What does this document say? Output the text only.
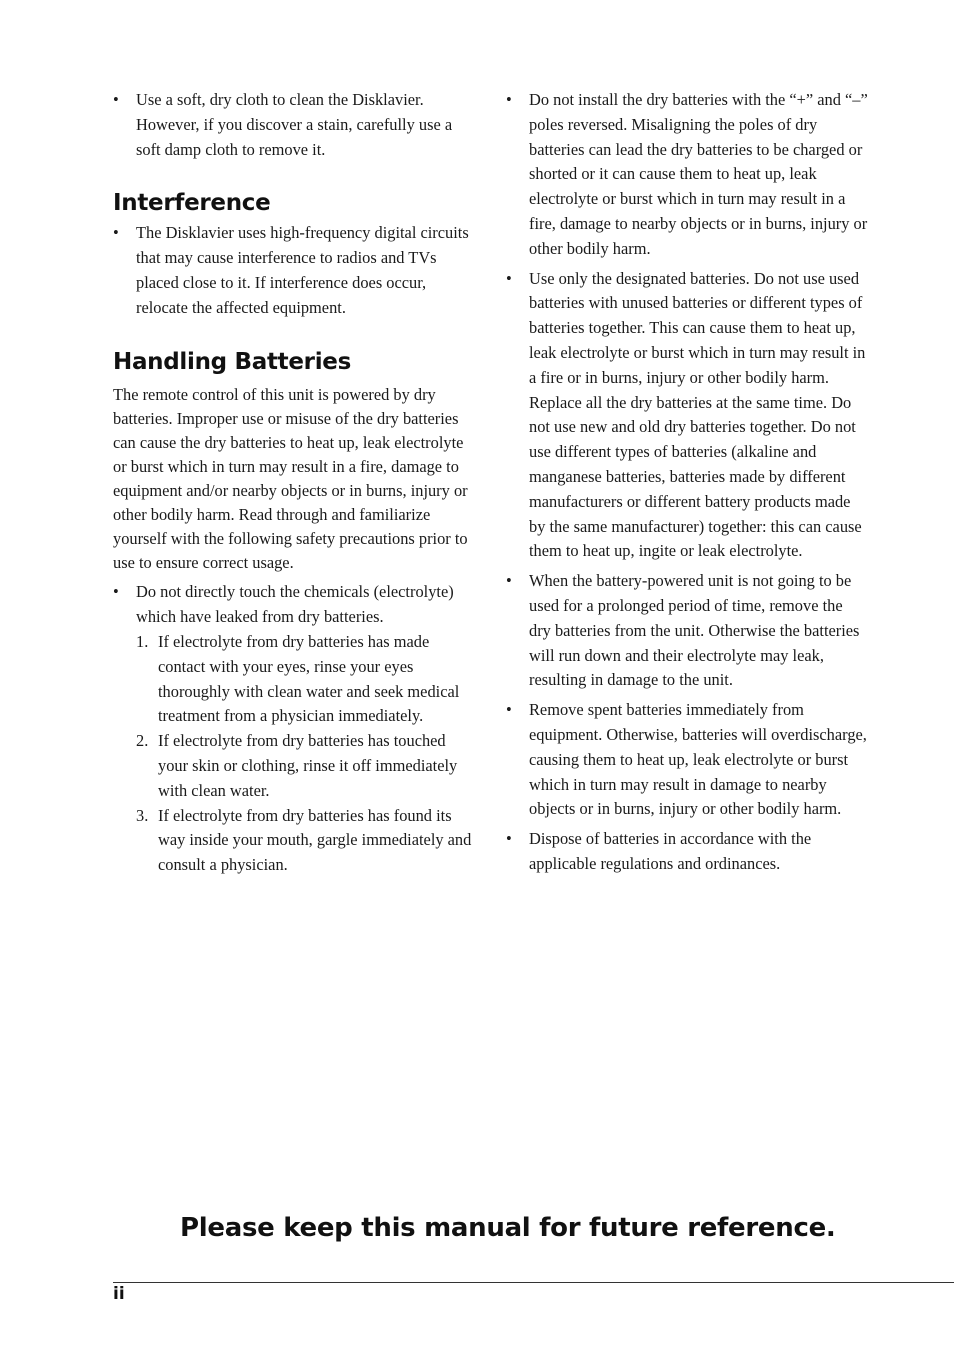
• Use a soft, dry cloth to clean the Disklavier. However, if you discover a stain, carefully use a soft damp cloth to remove it.
Interference
• The Disklavier uses high-frequency digital circuits that may cause interference to radios and TVs placed close to it. If interference does occur, relocate the affected equipment.
Handling Batteries

The remote control of this unit is powered by dry batteries. Improper use or misuse of the dry batteries can cause the dry batteries to heat up, leak electrolyte or burst which in turn may result in a fire, damage to equipment and/or nearby objects or in burns, injury or other bodily harm. Read through and familiarize yourself with the following safety precautions prior to use to ensure correct usage.

• Do not directly touch the chemicals (electrolyte) which have leaked from dry batteries.
1. If electrolyte from dry batteries has made contact with your eyes, rinse your eyes thoroughly with clean water and seek medical treatment from a physician immediately.
2. If electrolyte from dry batteries has touched your skin or clothing, rinse it off immediately with clean water.
3. If electrolyte from dry batteries has found its way inside your mouth, gargle immediately and consult a physician.
• Do not install the dry batteries with the “+” and “–” poles reversed. Misaligning the poles of dry batteries can lead the dry batteries to be charged or shorted or it can cause them to heat up, leak electrolyte or burst which in turn may result in a fire, damage to nearby objects or in burns, injury or other bodily harm.
• Use only the designated batteries. Do not use used batteries with unused batteries or different types of batteries together. This can cause them to heat up, leak electrolyte or burst which in turn may result in a fire or in burns, injury or other bodily harm. Replace all the dry batteries at the same time. Do not use new and old dry batteries together. Do not use different types of batteries (alkaline and manganese batteries, batteries made by different manufacturers or different battery products made by the same manufacturer) together: this can cause them to heat up, ingite or leak electrolyte.
• When the battery-powered unit is not going to be used for a prolonged period of time, remove the dry batteries from the unit. Otherwise the batteries will run down and their electrolyte may leak, resulting in damage to the unit.
• Remove spent batteries immediately from equipment. Otherwise, batteries will overdischarge, causing them to heat up, leak electrolyte or burst which in turn may result in damage to nearby objects or in burns, injury or other bodily harm.
• Dispose of batteries in accordance with the applicable regulations and ordinances.
Please keep this manual for future reference.
ii
